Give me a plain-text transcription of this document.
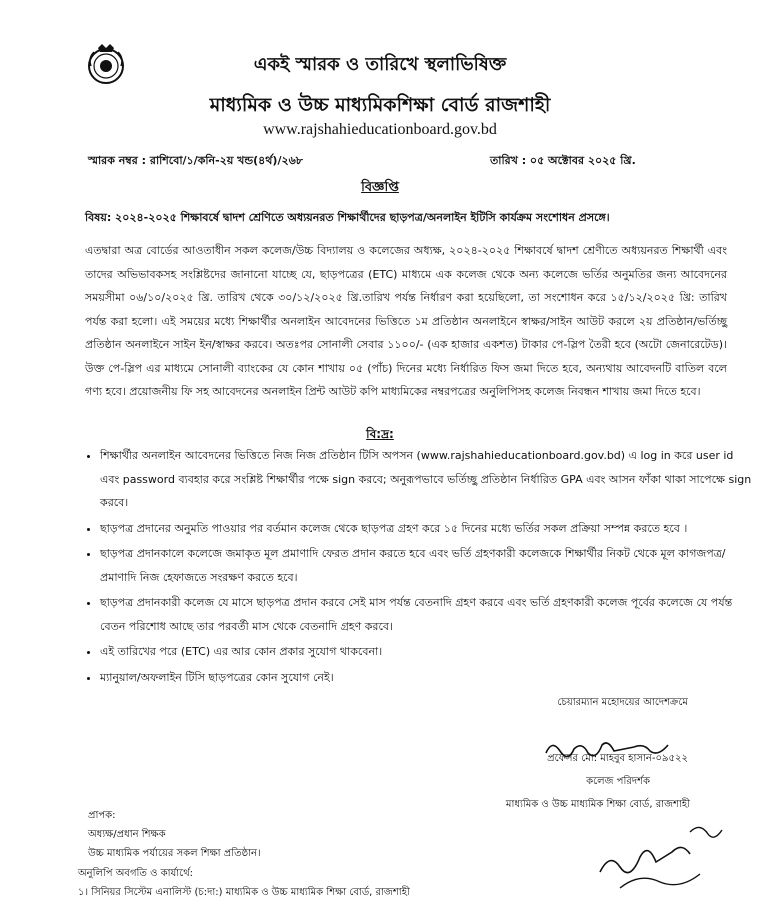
একই স্মারক ও তারিখে স্থলাভিষিক্ত
মাধ্যমিক ও উচ্চ মাধ্যমিকশিক্ষা বোর্ড রাজশাহী
www.rajshahieducationboard.gov.bd
স্মারক নম্বর : রাশিবো/১/কনি-২য় খন্ড(৪র্থ)/২৬৮	তারিখ : ০৫ অক্টোবর ২০২৫ খ্রি.
বিজ্ঞপ্তি
বিষয়: ২০২৪-২০২৫ শিক্ষাবর্ষে দ্বাদশ শ্রেণিতে অধ্যয়নরত শিক্ষার্থীদের ছাড়পত্র/অনলাইন ইটিসি কার্যক্রম সংশোধন প্রসঙ্গে।
এতদ্বারা অত্র বোর্ডের আওতাধীন সকল কলেজ/উচ্চ বিদ্যালয় ও কলেজের অধ্যক্ষ, ২০২৪-২০২৫ শিক্ষাবর্ষে দ্বাদশ শ্রেণীতে অধ্যয়নরত শিক্ষার্থী এবং তাদের অভিভাবকসহ সংশ্লিষ্টদের জানানো যাচ্ছে যে, ছাড়পত্রের (ETC) মাধ্যমে এক কলেজ থেকে অন্য কলেজে ভর্তির অনুমতির জন্য আবেদনের সময়সীমা ০৬/১০/২০২৫ খ্রি. তারিখ থেকে ৩০/১২/২০২৫ খ্রি.তারিখ পর্যন্ত নির্ধারণ করা হয়েছিলো, তা সংশোধন করে ১৫/১২/২০২৫ খ্রি: তারিখ পর্যন্ত করা হলো। এই সময়ের মধ্যে শিক্ষার্থীর অনলাইন আবেদনের ভিত্তিতে ১ম প্রতিষ্ঠান অনলাইনে স্বাক্ষর/সাইন আউট করলে ২য় প্রতিষ্ঠান/ভর্তিচ্ছু প্রতিষ্ঠান অনলাইনে সাইন ইন/স্বাক্ষর করবে। অতঃপর সোনালী সেবার ১১০০/- (এক হাজার একশত) টাকার পে-স্লিপ তৈরী হবে (অটো জেনারেটেড)। উক্ত পে-স্লিপ এর মাধ্যমে সোনালী ব্যাংকের যে কোন শাখায় ০৫ (পাঁচ) দিনের মধ্যে নির্ধারিত ফিস জমা দিতে হবে, অন্যথায় আবেদনটি বাতিল বলে গণ্য হবে। প্রয়োজনীয় ফি সহ আবেদনের অনলাইন প্রিন্ট আউট কপি মাধ্যমিকের নম্বরপত্রের অনুলিপিসহ কলেজ নিবন্ধন শাখায় জমা দিতে হবে।
বি:দ্র:
• শিক্ষার্থীর অনলাইন আবেদনের ভিত্তিতে নিজ নিজ প্রতিষ্ঠান টিসি অপসন (www.rajshahieducationboard.gov.bd) এ log in করে user id এবং password ব্যবহার করে সংশ্লিষ্ট শিক্ষার্থীর পক্ষে sign করবে; অনুরূপভাবে ভর্তিচ্ছু প্রতিষ্ঠান নির্ধারিত GPA এবং আসন ফাঁকা থাকা সাপেক্ষে sign করবে।
• ছাড়পত্র প্রদানের অনুমতি পাওয়ার পর বর্তমান কলেজ থেকে ছাড়পত্র গ্রহণ করে ১৫ দিনের মধ্যে ভর্তির সকল প্রক্রিয়া সম্পন্ন করতে হবে ।
• ছাড়পত্র প্রদানকালে কলেজে জমাকৃত মূল প্রমাণাদি ফেরত প্রদান করতে হবে এবং ভর্তি গ্রহণকারী কলেজকে শিক্ষার্থীর নিকট থেকে মূল কাগজপত্র/প্রমাণাদি নিজ হেফাজতে সংরক্ষণ করতে হবে।
• ছাড়পত্র প্রদানকারী কলেজ যে মাসে ছাড়পত্র প্রদান করবে সেই মাস পর্যন্ত বেতনাদি গ্রহণ করবে এবং ভর্তি গ্রহণকারী কলেজ পূর্বের কলেজে যে পর্যন্ত বেতন পরিশোধ আছে তার পরবর্তী মাস থেকে বেতনাদি গ্রহণ করবে।
• এই তারিখের পরে (ETC) এর আর কোন প্রকার সুযোগ থাকবেনা।
• ম্যানুয়াল/অফলাইন টিসি ছাড়পত্রের কোন সুযোগ নেই।
চেয়ারম্যান মহোদয়ের আদেশক্রমে
প্রফেসর মো: মাহবুব হাসান-০৯৫২২
কলেজ পরিদর্শক
মাধ্যমিক ও উচ্চ মাধ্যমিক শিক্ষা বোর্ড, রাজশাহী
প্রাপক:
অধ্যক্ষ/প্রধান শিক্ষক
উচ্চ মাধ্যমিক পর্যায়ের সকল শিক্ষা প্রতিষ্ঠান।
অনুলিপি অবগতি ও কার্যার্থে:
১। সিনিয়র সিস্টেম এনালিস্ট (চ:দা:) মাধ্যমিক ও উচ্চ মাধ্যমিক শিক্ষা বোর্ড, রাজশাহী
